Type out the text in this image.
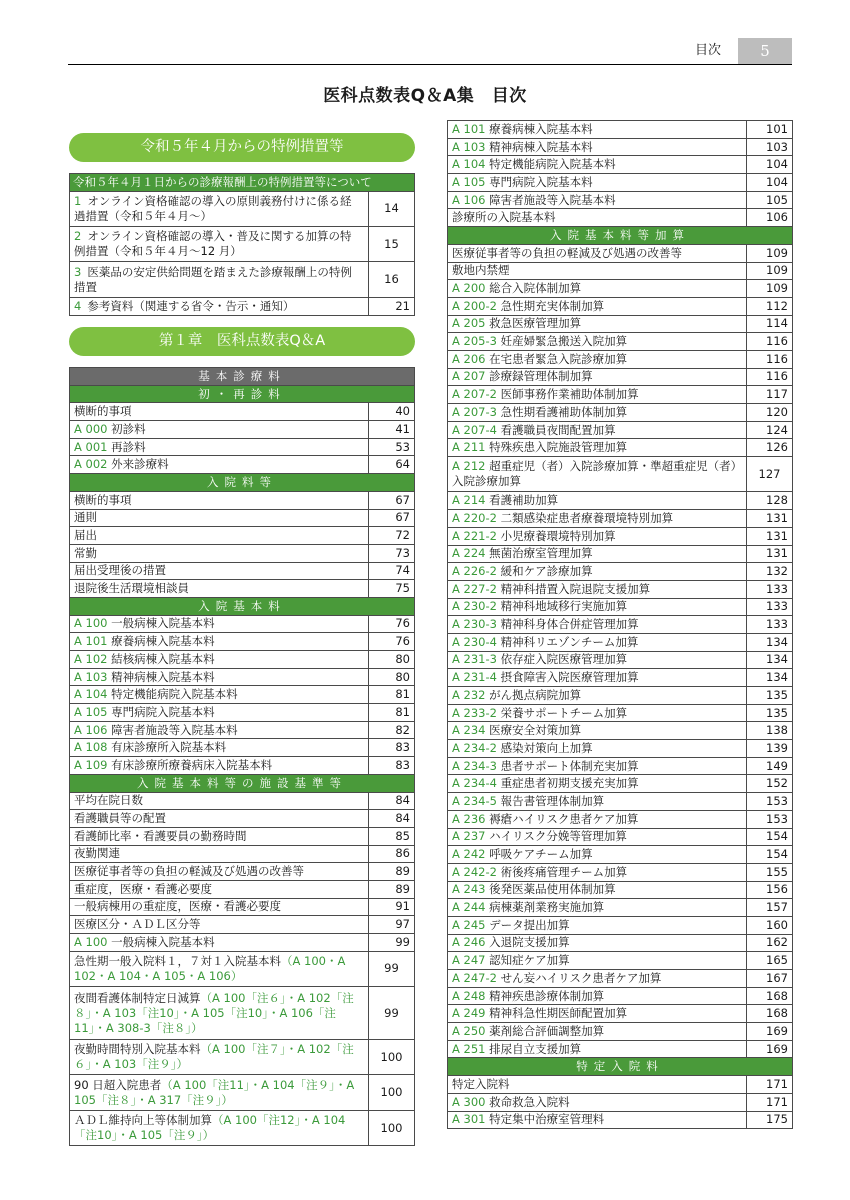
目次	5
医科点数表Q＆A集　目次
令和５年４月からの特例措置等
令和５年４月１日からの診療報酬上の特例措置等について	
1 オンライン資格確認の導入の原則義務付けに係る経過措置（令和５年４月～）	14
2 オンライン資格確認の導入・普及に関する加算の特例措置（令和５年４月～12 月）	15
3 医薬品の安定供給問題を踏まえた診療報酬上の特例措置	16
4 参考資料（関連する省令・告示・通知）	21
第１章　医科点数表Q＆A
基本診療料	
初・再診料	
横断的事項	40
A 000 初診料	41
A 001 再診料	53
A 002 外来診療料	64
入院料等	
横断的事項	67
通則	67
届出	72
常勤	73
届出受理後の措置	74
退院後生活環境相談員	75
入院基本料	
A 100 一般病棟入院基本料	76
A 101 療養病棟入院基本料	76
A 102 結核病棟入院基本料	80
A 103 精神病棟入院基本料	80
A 104 特定機能病院入院基本料	81
A 105 専門病院入院基本料	81
A 106 障害者施設等入院基本料	82
A 108 有床診療所入院基本料	83
A 109 有床診療所療養病床入院基本料	83
入院基本料等の施設基準等	
平均在院日数	84
看護職員等の配置	84
看護師比率・看護要員の勤務時間	85
夜勤関連	86
医療従事者等の負担の軽減及び処遇の改善等	89
重症度，医療・看護必要度	89
一般病棟用の重症度，医療・看護必要度	91
医療区分・ＡＤＬ区分等	97
A 100 一般病棟入院基本料	99
急性期一般入院料１，７対１入院基本料（A 100・A 102・A 104・A 105・A 106）	99
夜間看護体制特定日減算（A 100「注６」・A 102「注８」・A 103「注10」・A 105「注10」・A 106「注11」・A 308-3「注８」）	99
夜勤時間特別入院基本料（A 100「注７」・A 102「注６」・A 103「注９」）	100
90 日超入院患者（A 100「注11」・A 104「注９」・A 105「注８」・A 317「注９」）	100
ＡＤＬ維持向上等体制加算（A 100「注12」・A 104「注10」・A 105「注９」）	100
A 101 療養病棟入院基本料	101
A 103 精神病棟入院基本料	103
A 104 特定機能病院入院基本料	104
A 105 専門病院入院基本料	104
A 106 障害者施設等入院基本料	105
診療所の入院基本料	106
入院基本料等加算	
医療従事者等の負担の軽減及び処遇の改善等	109
敷地内禁煙	109
A 200 総合入院体制加算	109
A 200-2 急性期充実体制加算	112
A 205 救急医療管理加算	114
A 205-3 妊産婦緊急搬送入院加算	116
A 206 在宅患者緊急入院診療加算	116
A 207 診療録管理体制加算	116
A 207-2 医師事務作業補助体制加算	117
A 207-3 急性期看護補助体制加算	120
A 207-4 看護職員夜間配置加算	124
A 211 特殊疾患入院施設管理加算	126
A 212 超重症児（者）入院診療加算・準超重症児（者）入院診療加算	127
A 214 看護補助加算	128
A 220-2 二類感染症患者療養環境特別加算	131
A 221-2 小児療養環境特別加算	131
A 224 無菌治療室管理加算	131
A 226-2 緩和ケア診療加算	132
A 227-2 精神科措置入院退院支援加算	133
A 230-2 精神科地域移行実施加算	133
A 230-3 精神科身体合併症管理加算	133
A 230-4 精神科リエゾンチーム加算	134
A 231-3 依存症入院医療管理加算	134
A 231-4 摂食障害入院医療管理加算	134
A 232 がん拠点病院加算	135
A 233-2 栄養サポートチーム加算	135
A 234 医療安全対策加算	138
A 234-2 感染対策向上加算	139
A 234-3 患者サポート体制充実加算	149
A 234-4 重症患者初期支援充実加算	152
A 234-5 報告書管理体制加算	153
A 236 褥瘡ハイリスク患者ケア加算	153
A 237 ハイリスク分娩等管理加算	154
A 242 呼吸ケアチーム加算	154
A 242-2 術後疼痛管理チーム加算	155
A 243 後発医薬品使用体制加算	156
A 244 病棟薬剤業務実施加算	157
A 245 データ提出加算	160
A 246 入退院支援加算	162
A 247 認知症ケア加算	165
A 247-2 せん妄ハイリスク患者ケア加算	167
A 248 精神疾患診療体制加算	168
A 249 精神科急性期医師配置加算	168
A 250 薬剤総合評価調整加算	169
A 251 排尿自立支援加算	169
特定入院料	
特定入院料	171
A 300 救命救急入院料	171
A 301 特定集中治療室管理料	175
